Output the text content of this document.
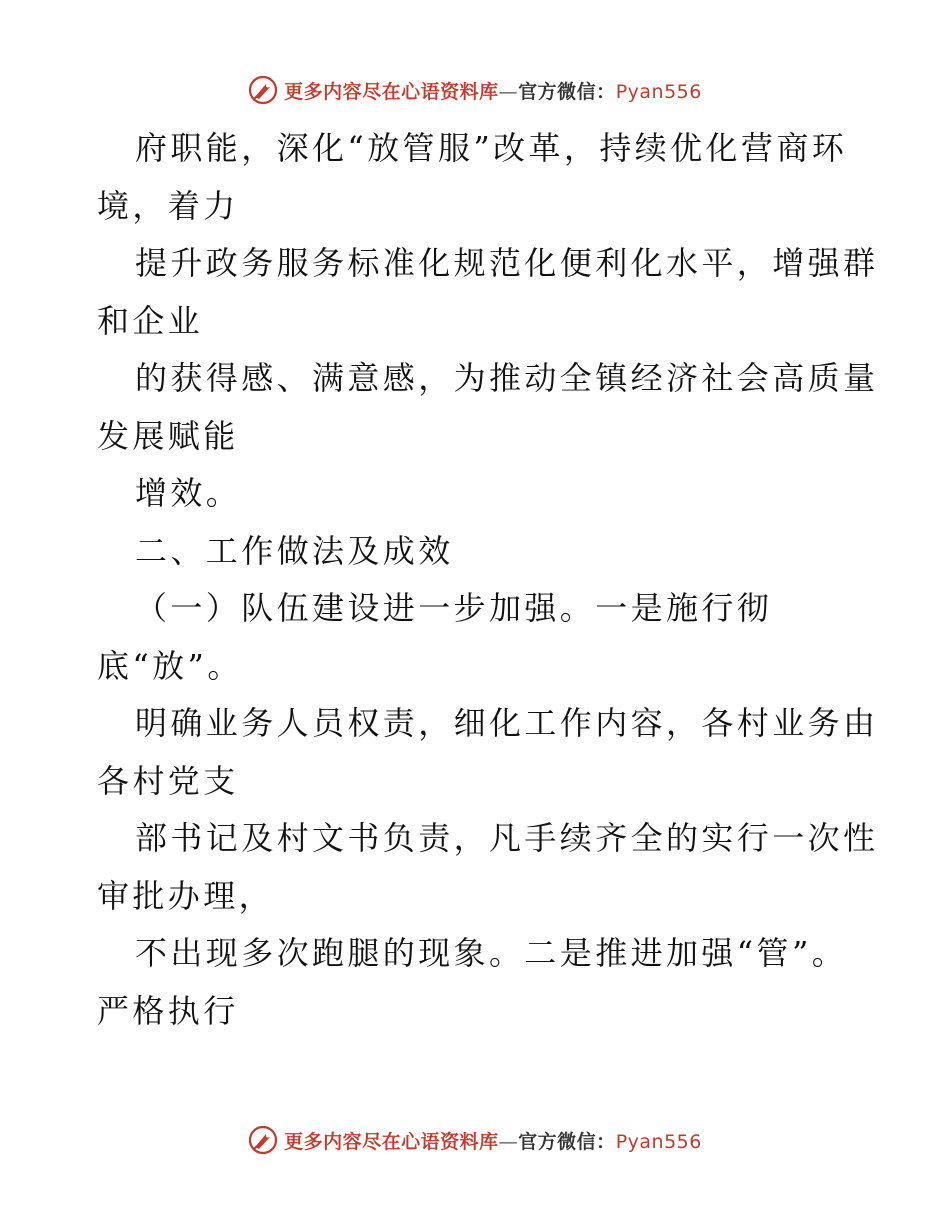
更多内容尽在心语资料库—官方微信：Pyan556
府职能，深化“放管服”改革，持续优化营商环
境，着力
提升政务服务标准化规范化便利化水平，增强群
和企业
的获得感、满意感，为推动全镇经济社会高质量
发展赋能
增效。
二、工作做法及成效
（一）队伍建设进一步加强。一是施行彻
底“放”。
明确业务人员权责，细化工作内容，各村业务由
各村党支
部书记及村文书负责，凡手续齐全的实行一次性
审批办理，
不出现多次跑腿的现象。二是推进加强“管”。
严格执行
更多内容尽在心语资料库—官方微信：Pyan556
